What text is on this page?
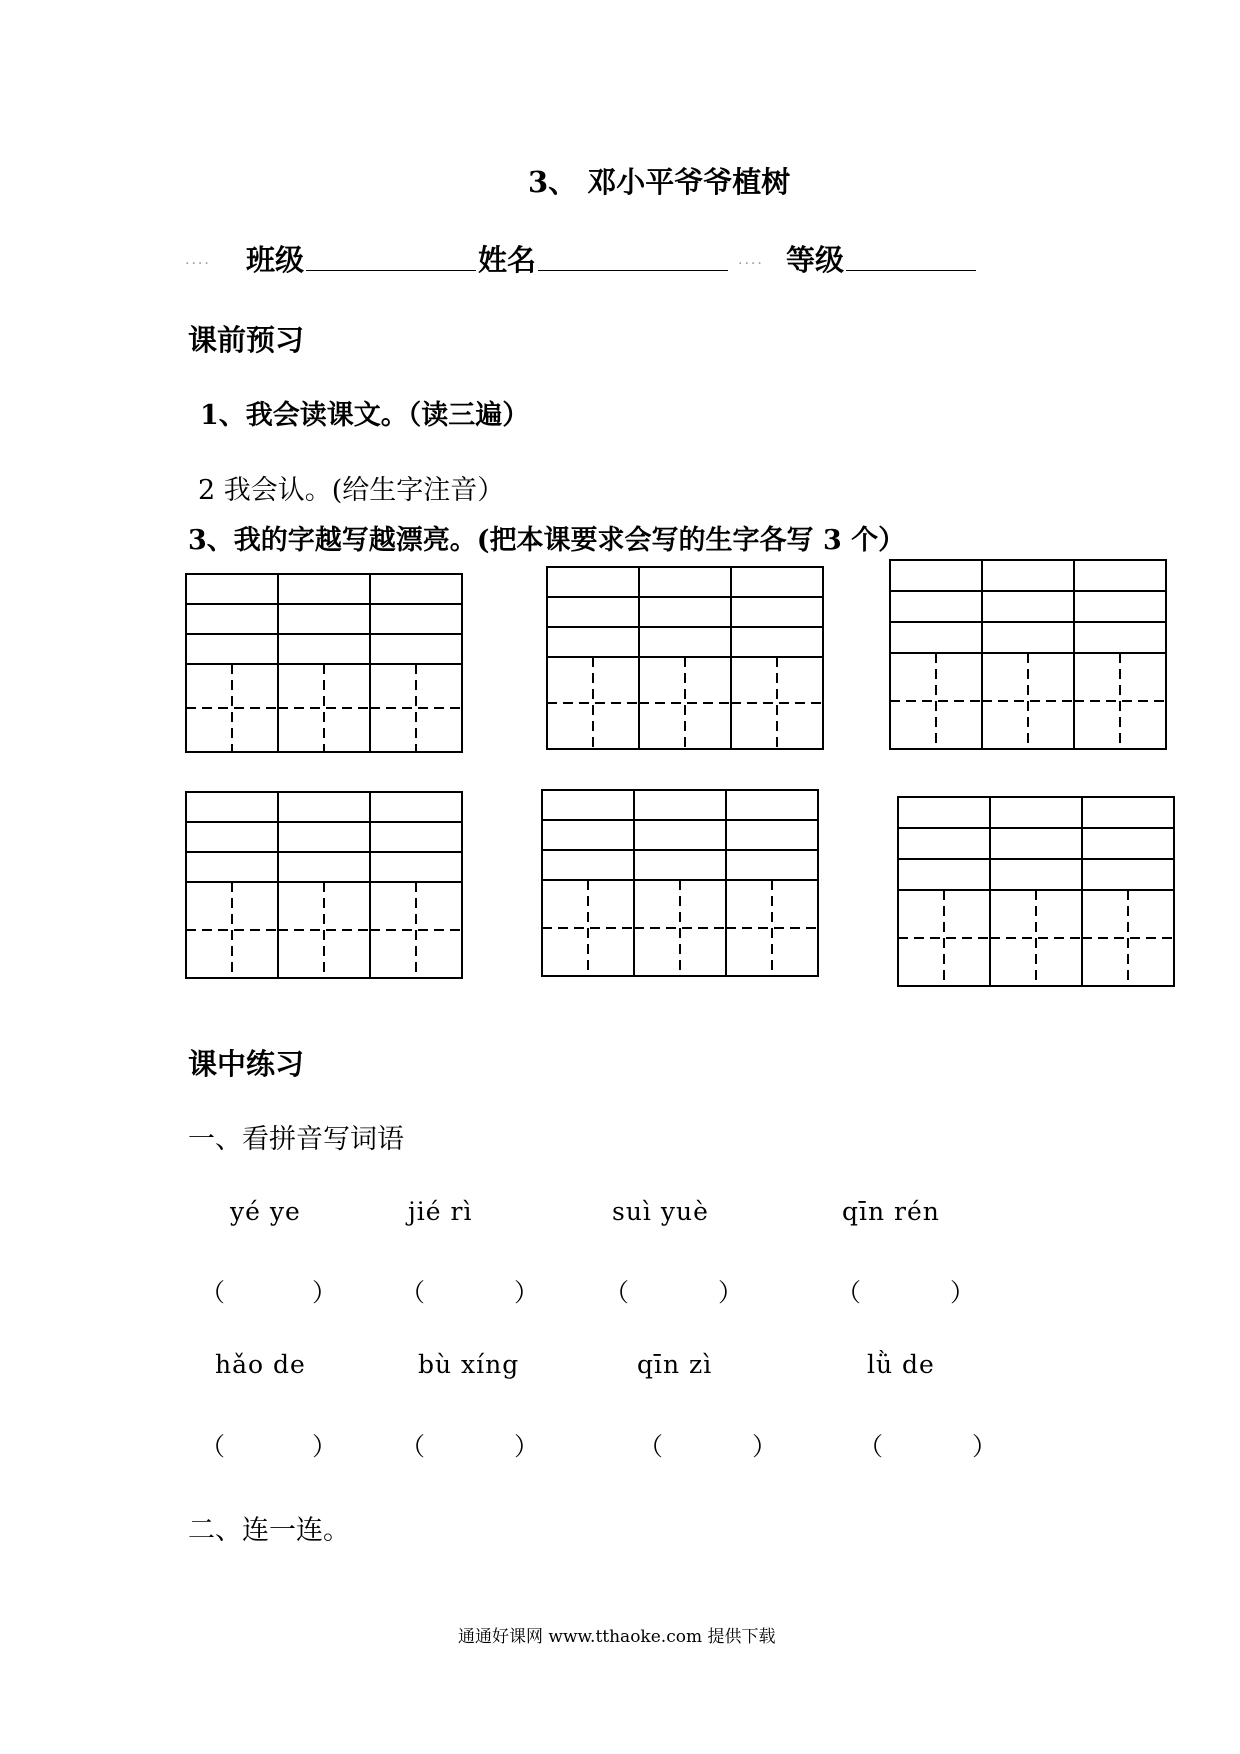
3、 邓小平爷爷植树
.... 班级	姓名	.... 等级
课前预习
1、我会读课文。（读三遍）
2 我会认。(给生字注音）
3、我的字越写越漂亮。(把本课要求会写的生字各写 3 个）
课中练习
一、看拼音写词语
yé ye	jié rì	suì yuè	qīn rén
（	）	（	）	（	）	（	）
hǎo de	bù xíng	qīn zì	lǜ de
（	）	（	）	（	）	（	）
二、连一连。
通通好课网 www.tthaoke.com 提供下载
